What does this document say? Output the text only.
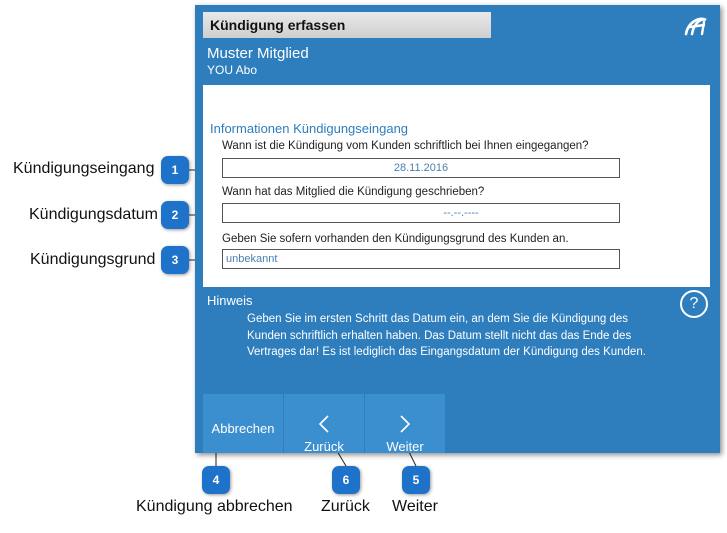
Kündigung erfassen
Muster Mitglied
YOU Abo
Informationen Kündigungseingang
Wann ist die Kündigung vom Kunden schriftlich bei Ihnen eingegangen?
28.11.2016
Wann hat das Mitglied die Kündigung geschrieben?
--.--.----
Geben Sie sofern vorhanden den Kündigungsgrund des Kunden an.
unbekannt
Hinweis	?
Geben Sie im ersten Schritt das Datum ein, an dem Sie die Kündigung des Kunden schriftlich erhalten haben. Das Datum stellt nicht das das Ende des Vertrages dar! Es ist lediglich das Eingangsdatum der Kündigung des Kunden.
Abbrechen
Zurück	Weiter
Kündigungseingang	1
Kündigungsdatum	2
Kündigungsgrund	3
4
Kündigung abbrechen
6
Zurück
5
Weiter
